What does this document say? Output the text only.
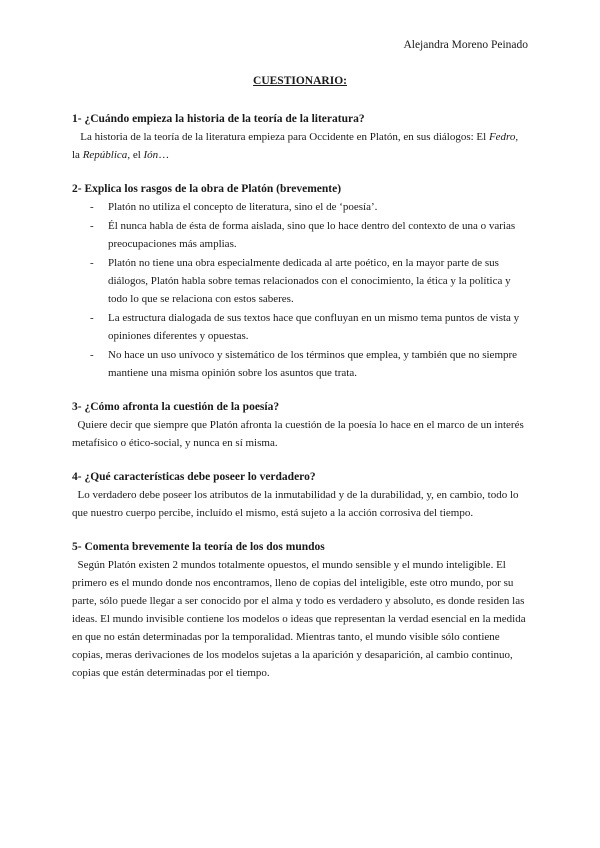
Alejandra Moreno Peinado
CUESTIONARIO:

1- ¿Cuándo empieza la historia de la teoría de la literatura?

La historia de la teoría de la literatura empieza para Occidente en Platón, en sus diálogos: El Fedro, la República, el Ión…

2- Explica los rasgos de la obra de Platón (brevemente)

- Platón no utiliza el concepto de literatura, sino el de ‘poesía’.
- Él nunca habla de ésta de forma aislada, sino que lo hace dentro del contexto de una o varias preocupaciones más amplias.
- Platón no tiene una obra especialmente dedicada al arte poético, en la mayor parte de sus diálogos, Platón habla sobre temas relacionados con el conocimiento, la ética y la política y todo lo que se relaciona con estos saberes.
- La estructura dialogada de sus textos hace que confluyan en un mismo tema puntos de vista y opiniones diferentes y opuestas.
- No hace un uso unívoco y sistemático de los términos que emplea, y también que no siempre mantiene una misma opinión sobre los asuntos que trata.

3- ¿Cómo afronta la cuestión de la poesía?

Quiere decir que siempre que Platón afronta la cuestión de la poesía lo hace en el marco de un interés metafísico o ético-social, y nunca en sí misma.

4- ¿Qué características debe poseer lo verdadero?

Lo verdadero debe poseer los atributos de la inmutabilidad y de la durabilidad, y, en cambio, todo lo que nuestro cuerpo percibe, incluído el mismo, está sujeto a la acción corrosiva del tiempo.

5- Comenta brevemente la teoría de los dos mundos

Según Platón existen 2 mundos totalmente opuestos, el mundo sensible y el mundo inteligible. El primero es el mundo donde nos encontramos, lleno de copias del inteligible, este otro mundo, por su parte, sólo puede llegar a ser conocido por el alma y todo es verdadero y absoluto, es donde residen las ideas. El mundo invisible contiene los modelos o ideas que representan la verdad esencial en la medida en que no están determinadas por la temporalidad. Mientras tanto, el mundo visible sólo contiene copias, meras derivaciones de los modelos sujetas a la aparición y desaparición, al cambio continuo, copias que están determinadas por el tiempo.
